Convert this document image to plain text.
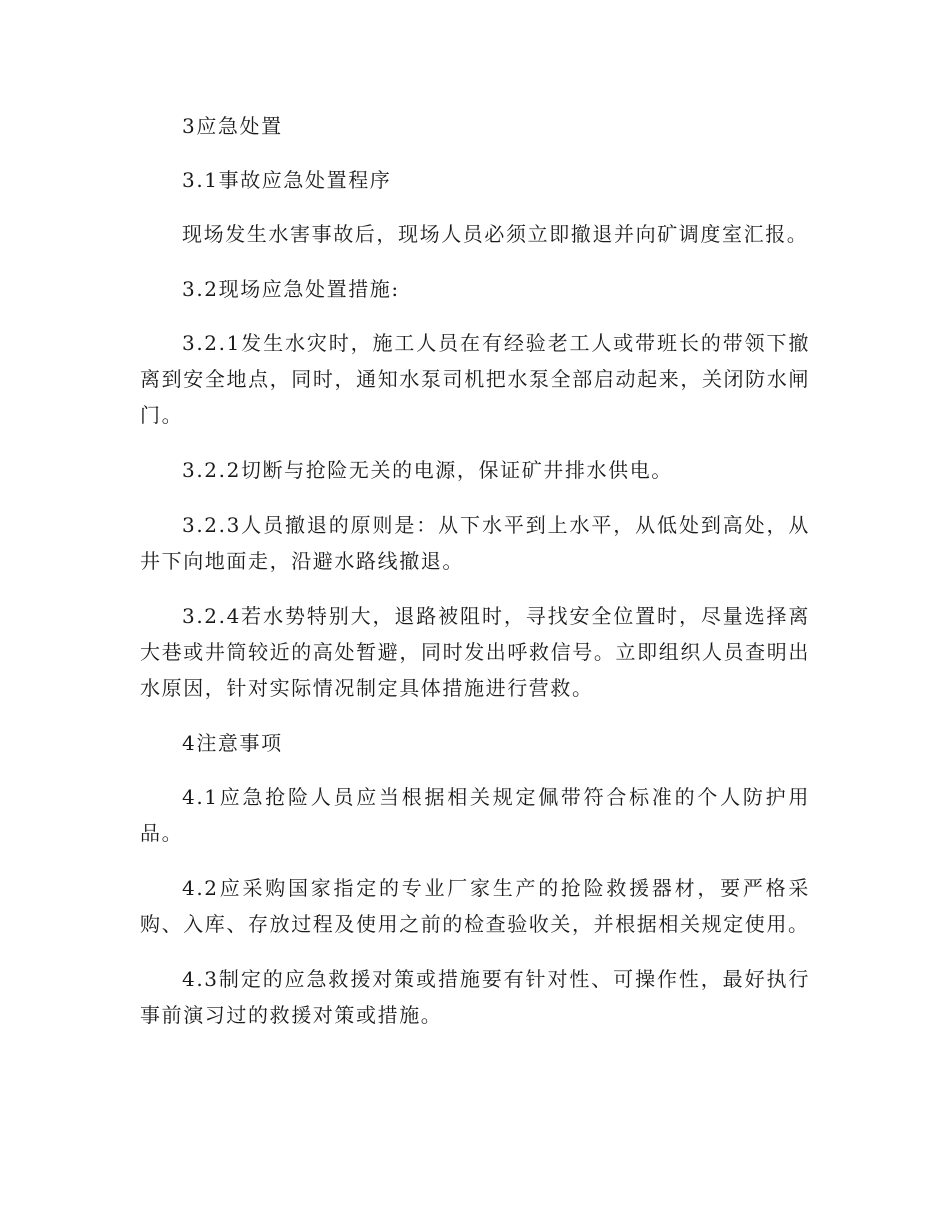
3应急处置

3.1事故应急处置程序

现场发生水害事故后，现场人员必须立即撤退并向矿调度室汇报。

3.2现场应急处置措施:

3.2.1发生水灾时，施工人员在有经验老工人或带班长的带领下撤离到安全地点，同时，通知水泵司机把水泵全部启动起来，关闭防水闸门。

3.2.2切断与抢险无关的电源，保证矿井排水供电。

3.2.3人员撤退的原则是：从下水平到上水平，从低处到高处，从井下向地面走，沿避水路线撤退。

3.2.4若水势特别大，退路被阻时，寻找安全位置时，尽量选择离大巷或井筒较近的高处暂避，同时发出呼救信号。立即组织人员查明出水原因，针对实际情况制定具体措施进行营救。

4注意事项

4.1应急抢险人员应当根据相关规定佩带符合标准的个人防护用品。

4.2应采购国家指定的专业厂家生产的抢险救援器材，要严格采购、入库、存放过程及使用之前的检查验收关，并根据相关规定使用。

4.3制定的应急救援对策或措施要有针对性、可操作性，最好执行事前演习过的救援对策或措施。
